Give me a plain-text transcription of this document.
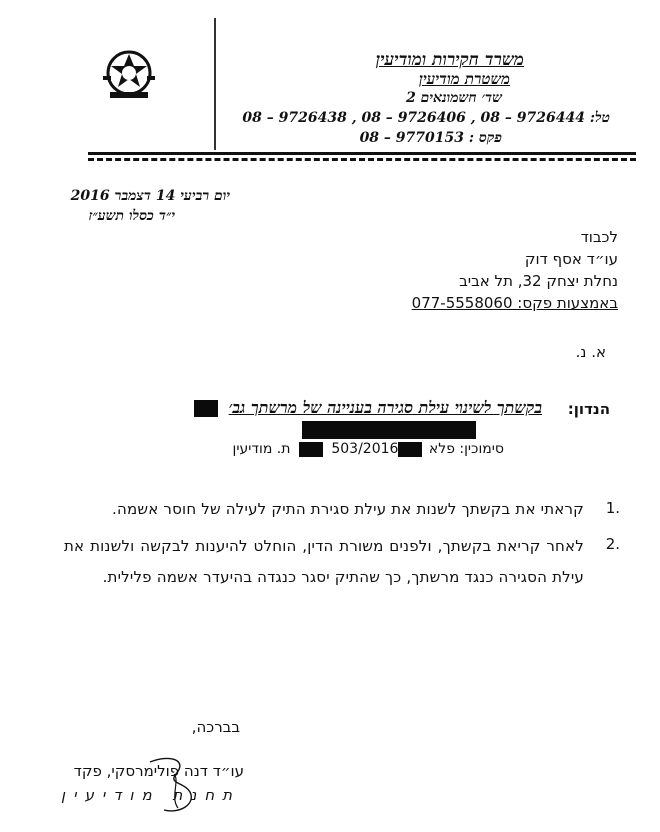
משרד חקירות ומודיעין
משטרת מודיעין
שד׳ חשמונאים 2
טל: 9726444 – 08 , 9726406 – 08 , 9726438 – 08
פקס : 9770153 – 08
יום רביעי 14 דצמבר 2016
י״ד כסלו תשע״ז
לכבוד
עו״ד אסף דוק
נחלת יצחק 32, תל אביב
באמצעות פקס: 077-5558060
א. נ.
הנדון:
בקשתך לשינוי עילת סגירה בעניינה של מרשתך גב׳
סימוכין: פלא 503/2016  ת. מודיעין
1.
קראתי את בקשתך לשנות את עילת סגירת התיק לעילה של חוסר אשמה.
2.
לאחר קריאת בקשתך, ולפנים משורת הדין, הוחלט להיענות לבקשה ולשנות את עילת הסגירה כנגד מרשתך, כך שהתיק יסגר כנגדה בהיעדר אשמה פלילית.
בברכה,
עו״ד דנה פולימרסקי, פקד
תחנת מודיעין
